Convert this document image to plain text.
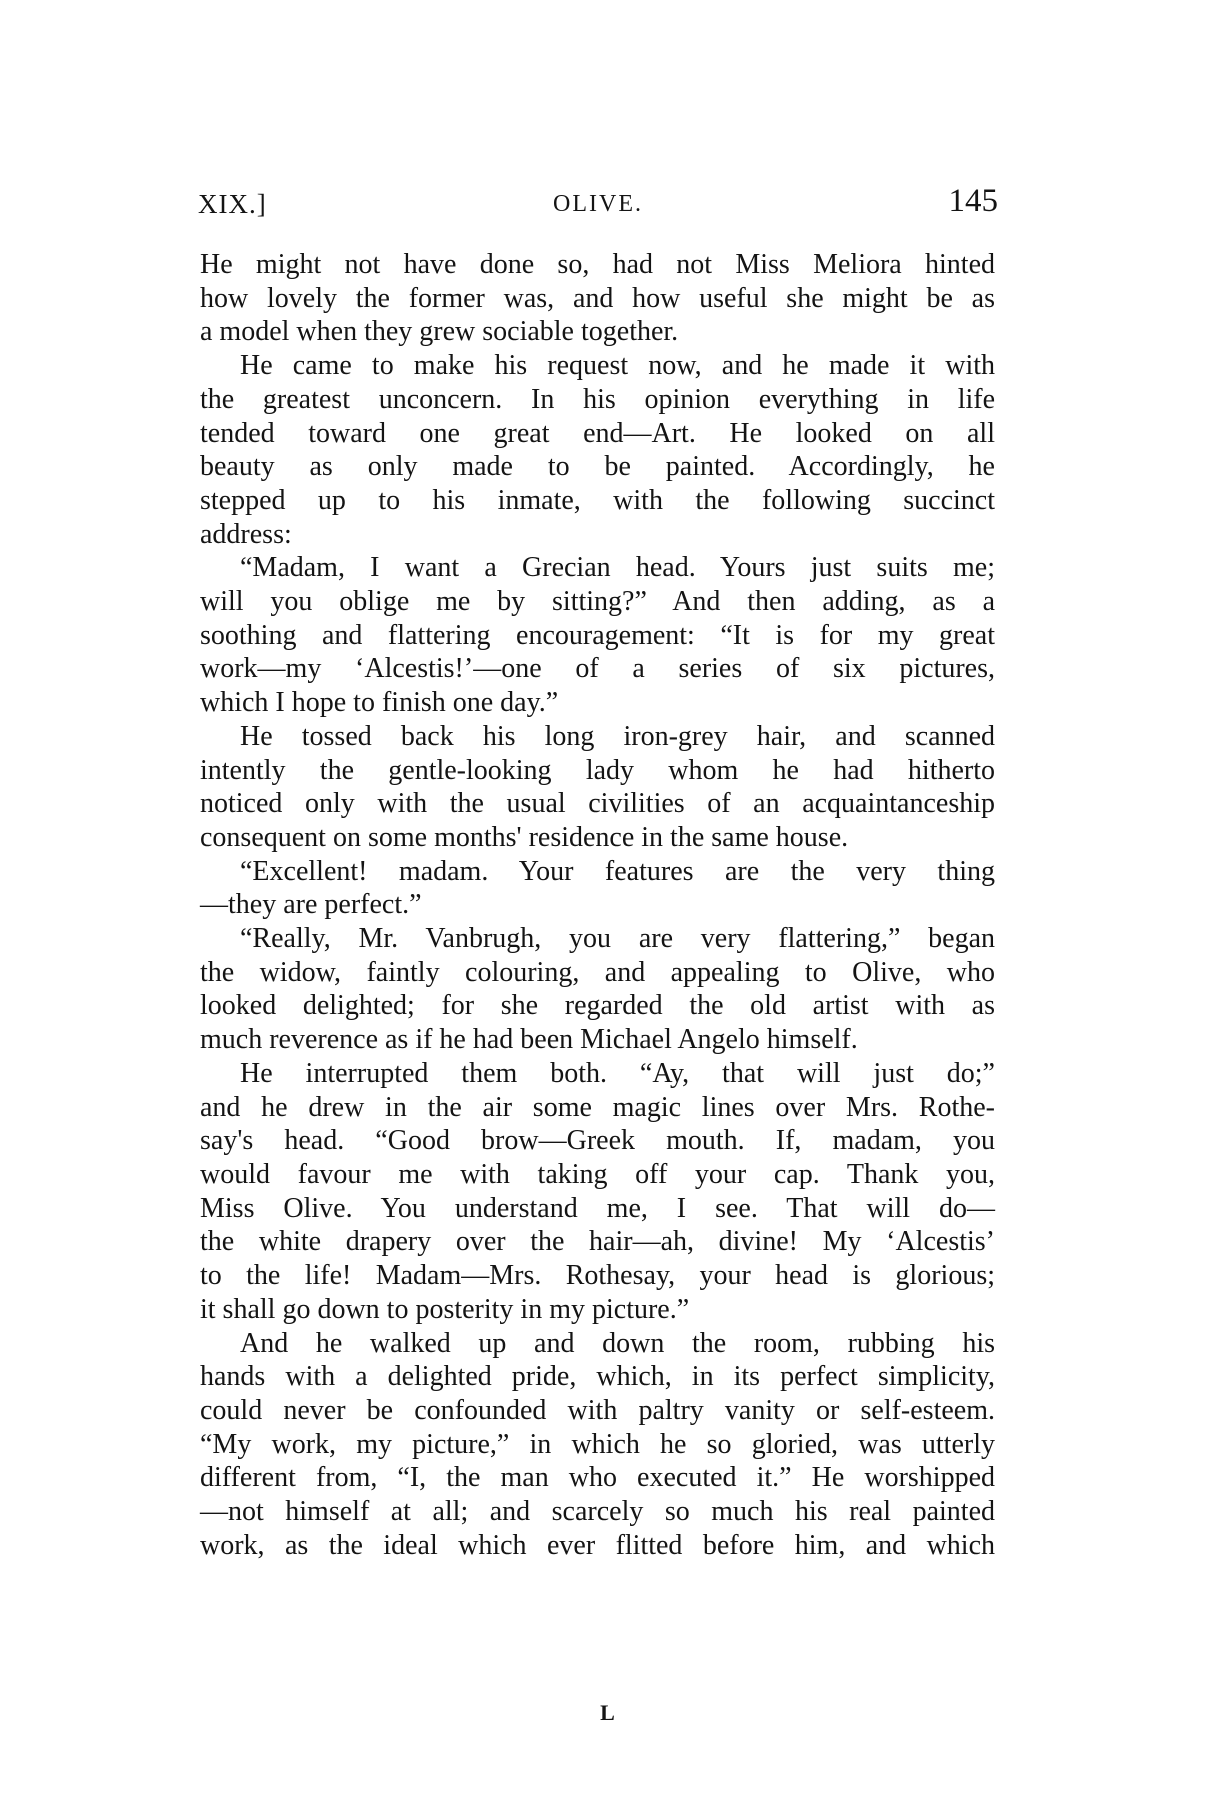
XIX.]	OLIVE.	145

He might not have done so, had not Miss Meliora hinted

how lovely the former was, and how useful she might be as

a model when they grew sociable together.

He came to make his request now, and he made it with

the greatest unconcern. In his opinion everything in life

tended toward one great end—Art. He looked on all

beauty as only made to be painted. Accordingly, he

stepped up to his inmate, with the following succinct

address:

“Madam, I want a Grecian head. Yours just suits me;

will you oblige me by sitting?” And then adding, as a

soothing and flattering encouragement: “It is for my great

work—my ‘Alcestis!’—one of a series of six pictures,

which I hope to finish one day.”

He tossed back his long iron-grey hair, and scanned

intently the gentle-looking lady whom he had hitherto

noticed only with the usual civilities of an acquaintanceship

consequent on some months' residence in the same house.

“Excellent! madam. Your features are the very thing

—they are perfect.”

“Really, Mr. Vanbrugh, you are very flattering,” began

the widow, faintly colouring, and appealing to Olive, who

looked delighted; for she regarded the old artist with as

much reverence as if he had been Michael Angelo himself.

He interrupted them both. “Ay, that will just do;”

and he drew in the air some magic lines over Mrs. Rothe-

say's head. “Good brow—Greek mouth. If, madam, you

would favour me with taking off your cap. Thank you,

Miss Olive. You understand me, I see. That will do—

the white drapery over the hair—ah, divine! My ‘Alcestis’

to the life! Madam—Mrs. Rothesay, your head is glorious;

it shall go down to posterity in my picture.”

And he walked up and down the room, rubbing his

hands with a delighted pride, which, in its perfect simplicity,

could never be confounded with paltry vanity or self-esteem.

“My work, my picture,” in which he so gloried, was utterly

different from, “I, the man who executed it.” He worshipped

—not himself at all; and scarcely so much his real painted

work, as the ideal which ever flitted before him, and which

L
